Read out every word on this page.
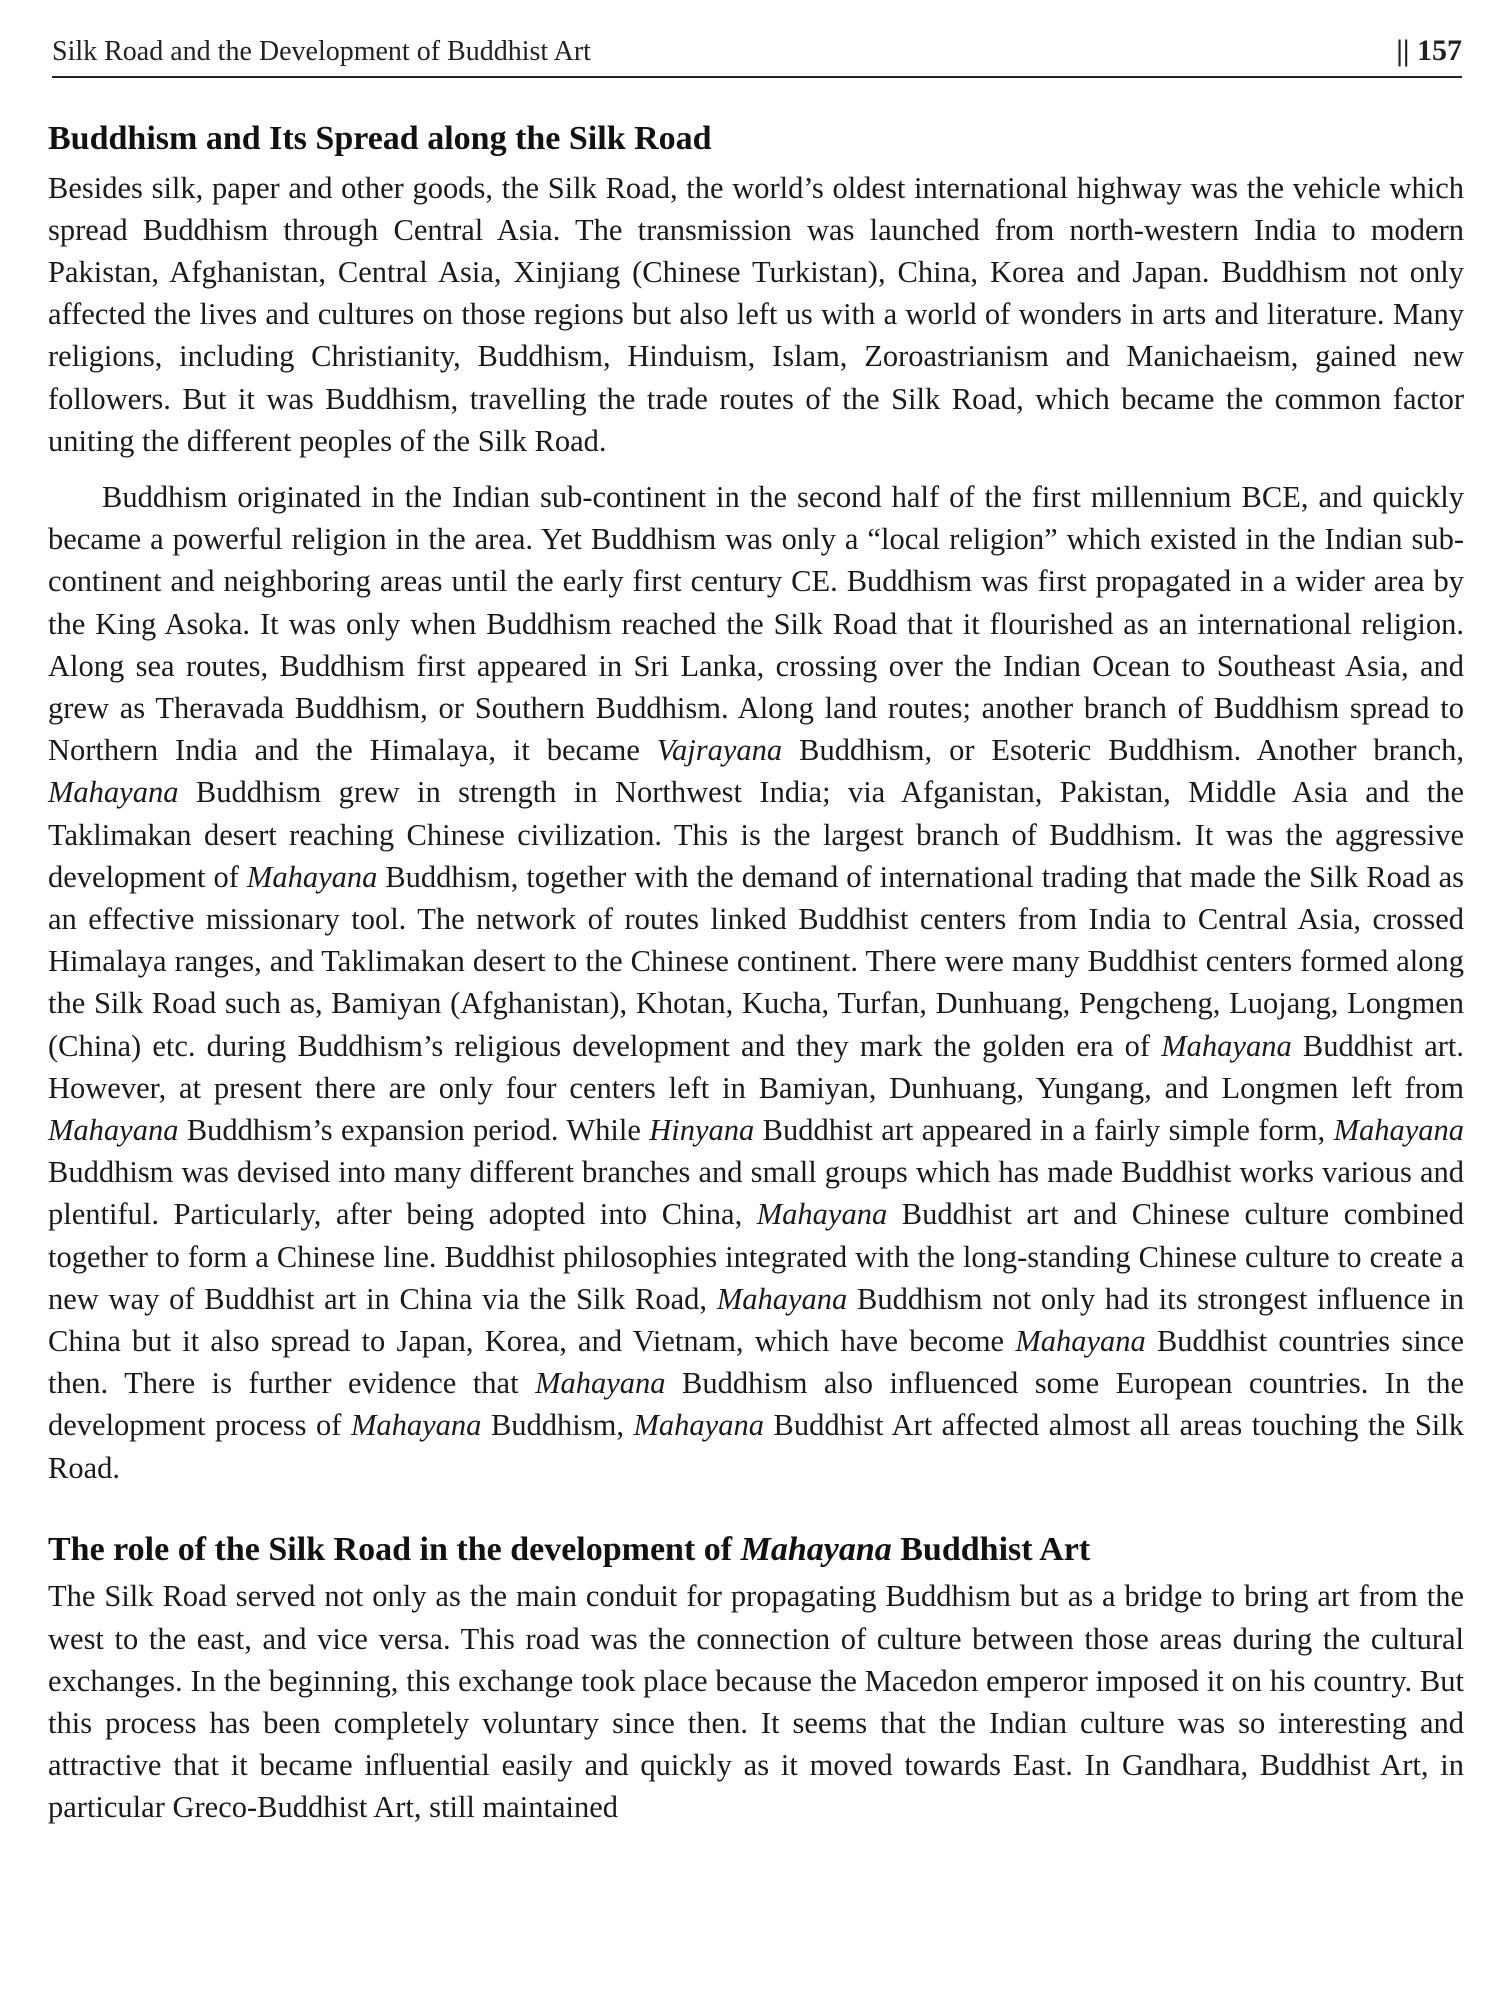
Silk Road and the Development of Buddhist Art	|| 157
Buddhism and Its Spread along the Silk Road

Besides silk, paper and other goods, the Silk Road, the world’s oldest international highway was the vehicle which spread Buddhism through Central Asia. The transmission was launched from north-western India to modern Pakistan, Afghanistan, Central Asia, Xinjiang (Chinese Turkistan), China, Korea and Japan. Buddhism not only affected the lives and cultures on those regions but also left us with a world of wonders in arts and literature. Many religions, including Christianity, Buddhism, Hinduism, Islam, Zoroastrianism and Manichaeism, gained new followers. But it was Buddhism, travelling the trade routes of the Silk Road, which became the common factor uniting the different peoples of the Silk Road.

Buddhism originated in the Indian sub-continent in the second half of the first millennium BCE, and quickly became a powerful religion in the area. Yet Buddhism was only a “local religion” which existed in the Indian sub-continent and neighboring areas until the early first century CE. Buddhism was first propagated in a wider area by the King Asoka. It was only when Buddhism reached the Silk Road that it flourished as an international religion. Along sea routes, Buddhism first appeared in Sri Lanka, crossing over the Indian Ocean to Southeast Asia, and grew as Theravada Buddhism, or Southern Buddhism. Along land routes; another branch of Buddhism spread to Northern India and the Himalaya, it became Vajrayana Buddhism, or Esoteric Buddhism. Another branch, Mahayana Buddhism grew in strength in Northwest India; via Afganistan, Pakistan, Middle Asia and the Taklimakan desert reaching Chinese civilization. This is the largest branch of Buddhism. It was the aggressive development of Mahayana Buddhism, together with the demand of international trading that made the Silk Road as an effective missionary tool. The network of routes linked Buddhist centers from India to Central Asia, crossed Himalaya ranges, and Taklimakan desert to the Chinese continent. There were many Buddhist centers formed along the Silk Road such as, Bamiyan (Afghanistan), Khotan, Kucha, Turfan, Dunhuang, Pengcheng, Luojang, Longmen (China) etc. during Buddhism’s religious development and they mark the golden era of Mahayana Buddhist art. However, at present there are only four centers left in Bamiyan, Dunhuang, Yungang, and Longmen left from Mahayana Buddhism’s expansion period. While Hinyana Buddhist art appeared in a fairly simple form, Mahayana Buddhism was devised into many different branches and small groups which has made Buddhist works various and plentiful. Particularly, after being adopted into China, Mahayana Buddhist art and Chinese culture combined together to form a Chinese line. Buddhist philosophies integrated with the long-standing Chinese culture to create a new way of Buddhist art in China via the Silk Road, Mahayana Buddhism not only had its strongest influence in China but it also spread to Japan, Korea, and Vietnam, which have become Mahayana Buddhist countries since then. There is further evidence that Mahayana Buddhism also influenced some European countries. In the development process of Mahayana Buddhism, Mahayana Buddhist Art affected almost all areas touching the Silk Road.

The role of the Silk Road in the development of Mahayana Buddhist Art

The Silk Road served not only as the main conduit for propagating Buddhism but as a bridge to bring art from the west to the east, and vice versa. This road was the connection of culture between those areas during the cultural exchanges. In the beginning, this exchange took place because the Macedon emperor imposed it on his country. But this process has been completely voluntary since then. It seems that the Indian culture was so interesting and attractive that it became influential easily and quickly as it moved towards East. In Gandhara, Buddhist Art, in particular Greco-Buddhist Art, still maintained
